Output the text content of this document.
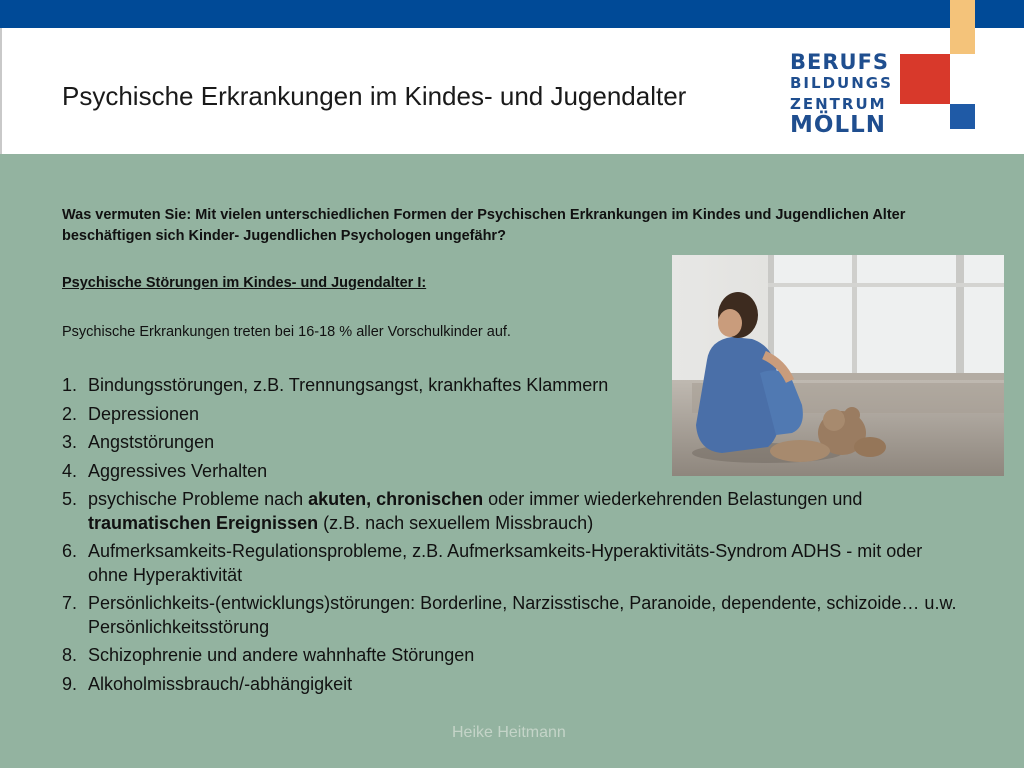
Psychische Erkrankungen im Kindes- und Jugendalter
BERUFS
BILDUNGS
ZENTRUM
MÖLLN
Was vermuten Sie: Mit vielen unterschiedlichen Formen der Psychischen Erkrankungen im Kindes und Jugendlichen Alter beschäftigen sich Kinder- Jugendlichen Psychologen ungefähr?
Psychische Störungen im Kindes- und Jugendalter I:
Psychische Erkrankungen treten bei 16-18 % aller Vorschulkinder auf.
1. Bindungsstörungen, z.B. Trennungsangst, krankhaftes Klammern
2. Depressionen
3. Angststörungen
4. Aggressives Verhalten
5. psychische Probleme nach akuten, chronischen oder immer wiederkehrenden Belastungen und traumatischen Ereignissen (z.B. nach sexuellem Missbrauch)
6. Aufmerksamkeits-Regulationsprobleme, z.B. Aufmerksamkeits-Hyperaktivitäts-Syndrom ADHS - mit oder ohne Hyperaktivität
7. Persönlichkeits-(entwicklungs)störungen: Borderline, Narzisstische, Paranoide, dependente, schizoide… u.w. Persönlichkeitsstörung
8. Schizophrenie und andere wahnhafte Störungen
9. Alkoholmissbrauch/-abhängigkeit
Heike Heitmann
